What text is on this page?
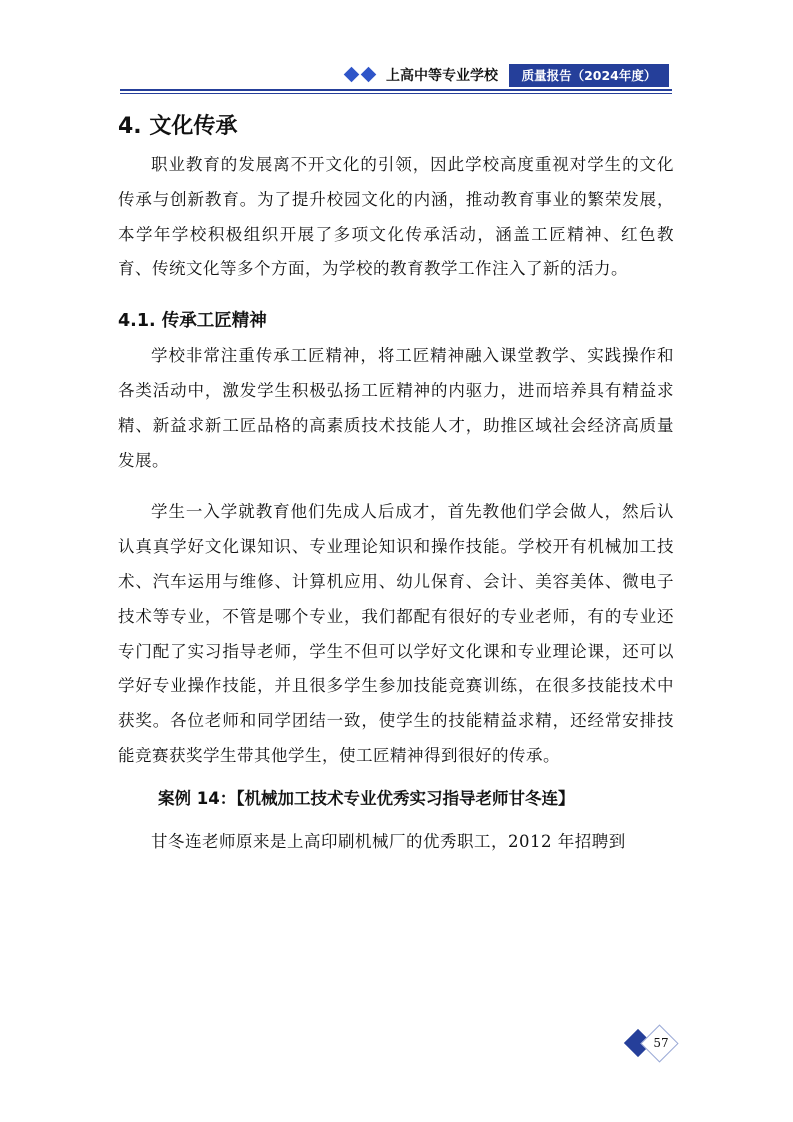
上高中等专业学校	质量报告（2024年度）
4. 文化传承

职业教育的发展离不开文化的引领，因此学校高度重视对学生的文化传承与创新教育。为了提升校园文化的内涵，推动教育事业的繁荣发展，本学年学校积极组织开展了多项文化传承活动，涵盖工匠精神、红色教育、传统文化等多个方面，为学校的教育教学工作注入了新的活力。

4.1. 传承工匠精神

学校非常注重传承工匠精神，将工匠精神融入课堂教学、实践操作和各类活动中，激发学生积极弘扬工匠精神的内驱力，进而培养具有精益求精、新益求新工匠品格的高素质技术技能人才，助推区域社会经济高质量发展。

学生一入学就教育他们先成人后成才，首先教他们学会做人，然后认认真真学好文化课知识、专业理论知识和操作技能。学校开有机械加工技术、汽车运用与维修、计算机应用、幼儿保育、会计、美容美体、微电子技术等专业，不管是哪个专业，我们都配有很好的专业老师，有的专业还专门配了实习指导老师，学生不但可以学好文化课和专业理论课，还可以学好专业操作技能，并且很多学生参加技能竞赛训练，在很多技能技术中获奖。各位老师和同学团结一致，使学生的技能精益求精，还经常安排技能竞赛获奖学生带其他学生，使工匠精神得到很好的传承。

案例 14：【机械加工技术专业优秀实习指导老师甘冬连】

甘冬连老师原来是上高印刷机械厂的优秀职工，2012 年招聘到

57
